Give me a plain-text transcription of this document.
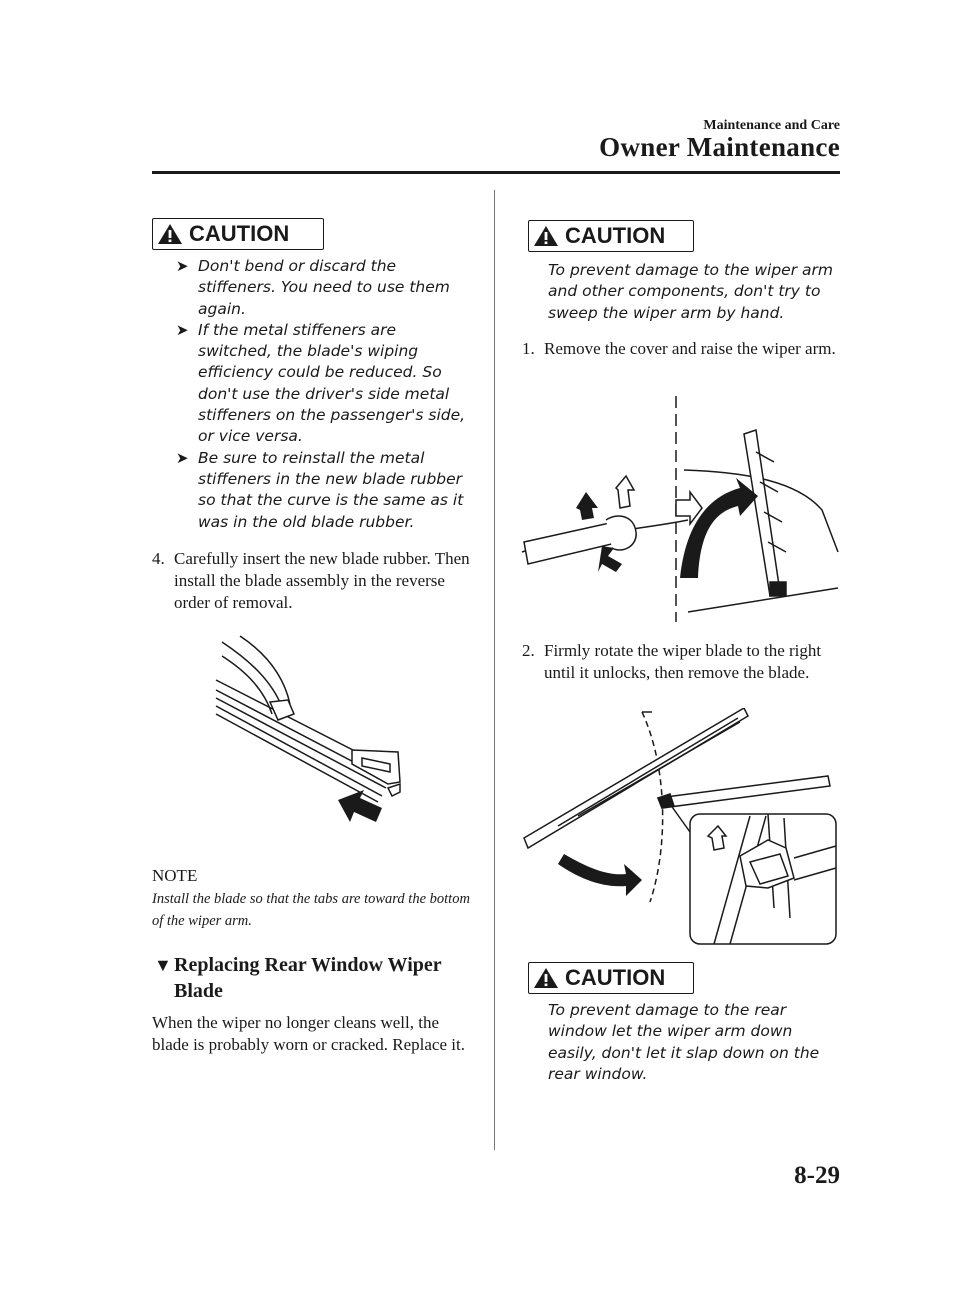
Maintenance and Care
Owner Maintenance
CAUTION
➤ Don't bend or discard the stiffeners. You need to use them again.
➤ If the metal stiffeners are switched, the blade's wiping efficiency could be reduced. So don't use the driver's side metal stiffeners on the passenger's side, or vice versa.
➤ Be sure to reinstall the metal stiffeners in the new blade rubber so that the curve is the same as it was in the old blade rubber.
4. Carefully insert the new blade rubber. Then install the blade assembly in the reverse order of removal.
NOTE
Install the blade so that the tabs are toward the bottom of the wiper arm.
▼ Replacing Rear Window Wiper Blade
When the wiper no longer cleans well, the blade is probably worn or cracked. Replace it.
CAUTION
To prevent damage to the wiper arm and other components, don't try to sweep the wiper arm by hand.
1. Remove the cover and raise the wiper arm.
2. Firmly rotate the wiper blade to the right until it unlocks, then remove the blade.
CAUTION
To prevent damage to the rear window let the wiper arm down easily, don't let it slap down on the rear window.
8-29
